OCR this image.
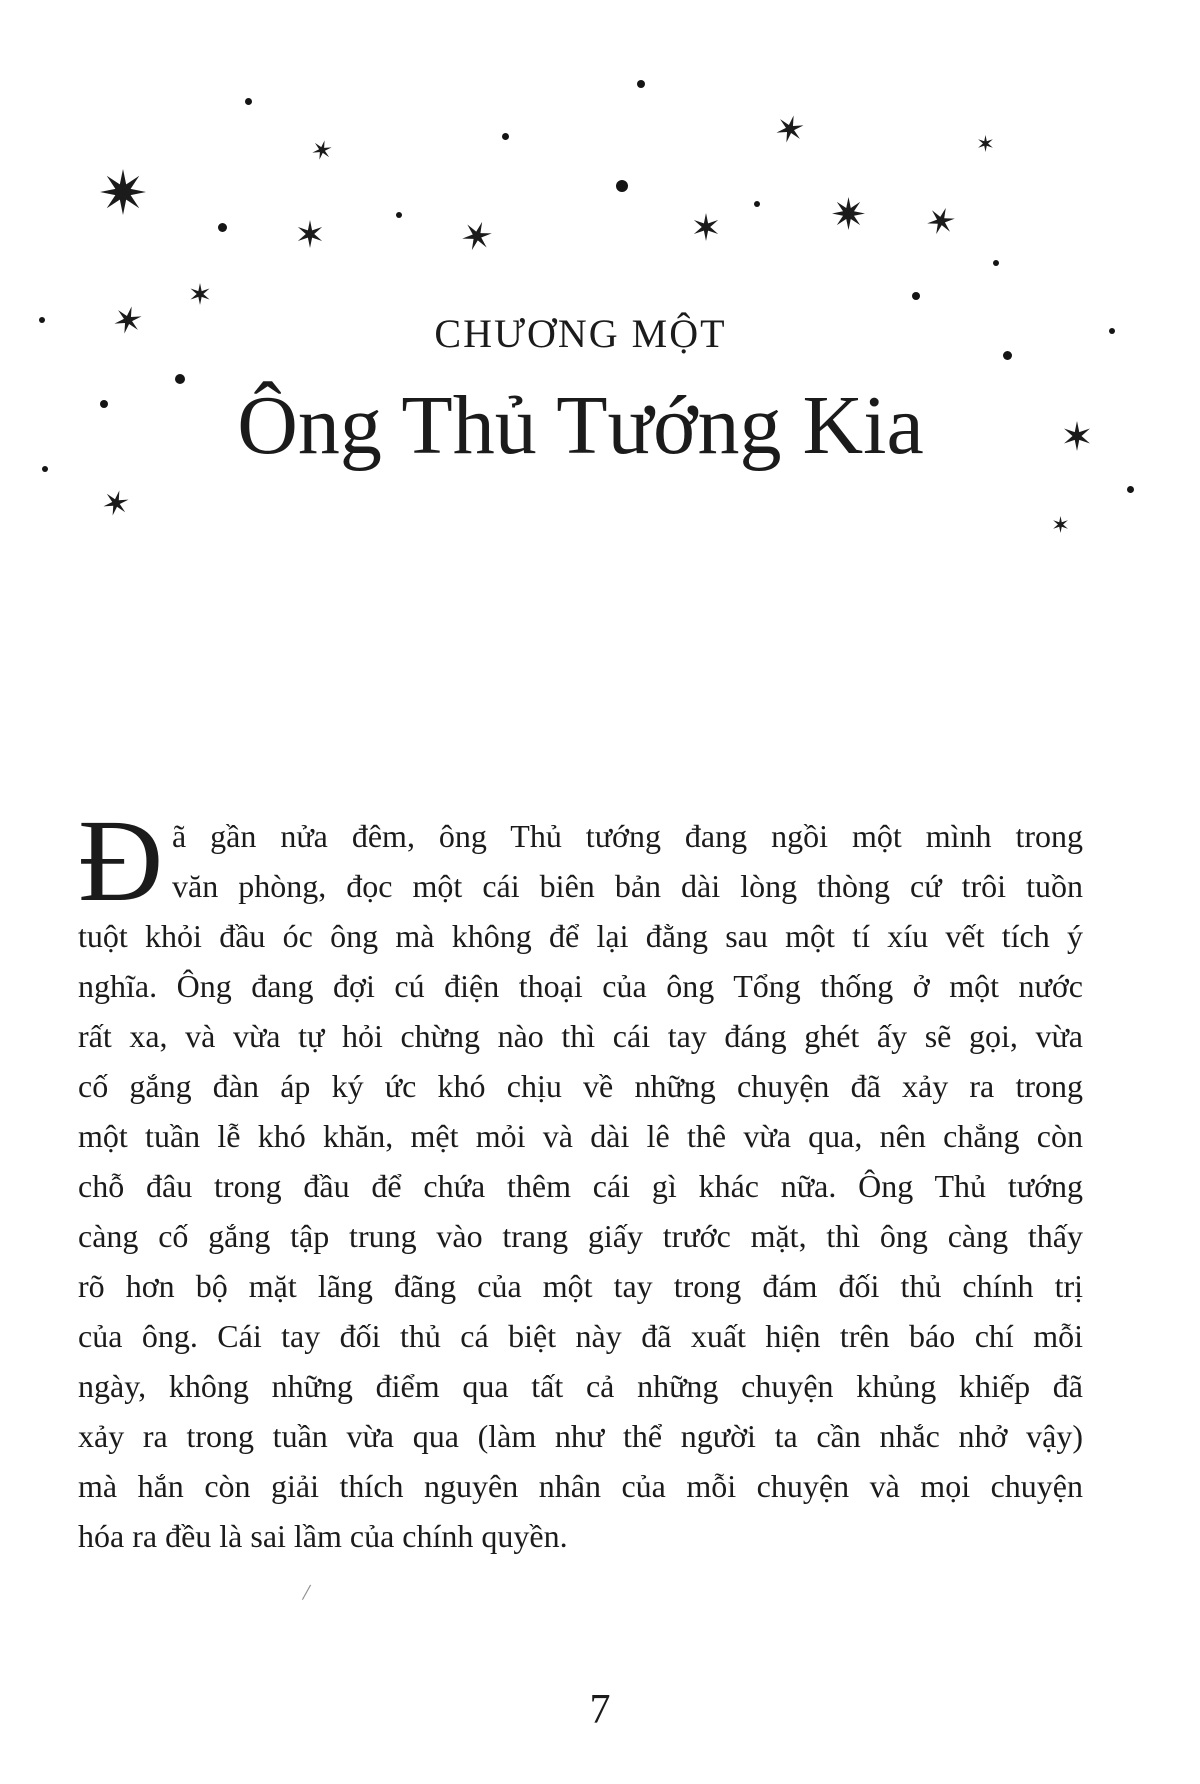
CHƯƠNG MỘT
Ông Thủ Tướng Kia
Đ ã gần nửa đêm, ông Thủ tướng đang ngồi một mình trong
văn phòng, đọc một cái biên bản dài lòng thòng cứ trôi tuồn
tuột khỏi đầu óc ông mà không để lại đằng sau một tí xíu vết tích ý
nghĩa. Ông đang đợi cú điện thoại của ông Tổng thống ở một nước
rất xa, và vừa tự hỏi chừng nào thì cái tay đáng ghét ấy sẽ gọi, vừa
cố gắng đàn áp ký ức khó chịu về những chuyện đã xảy ra trong
một tuần lễ khó khăn, mệt mỏi và dài lê thê vừa qua, nên chẳng còn
chỗ đâu trong đầu để chứa thêm cái gì khác nữa. Ông Thủ tướng
càng cố gắng tập trung vào trang giấy trước mặt, thì ông càng thấy
rõ hơn bộ mặt lãng đãng của một tay trong đám đối thủ chính trị
của ông. Cái tay đối thủ cá biệt này đã xuất hiện trên báo chí mỗi
ngày, không những điểm qua tất cả những chuyện khủng khiếp đã
xảy ra trong tuần vừa qua (làm như thể người ta cần nhắc nhở vậy)
mà hắn còn giải thích nguyên nhân của mỗi chuyện và mọi chuyện
hóa ra đều là sai lầm của chính quyền.
/
7
